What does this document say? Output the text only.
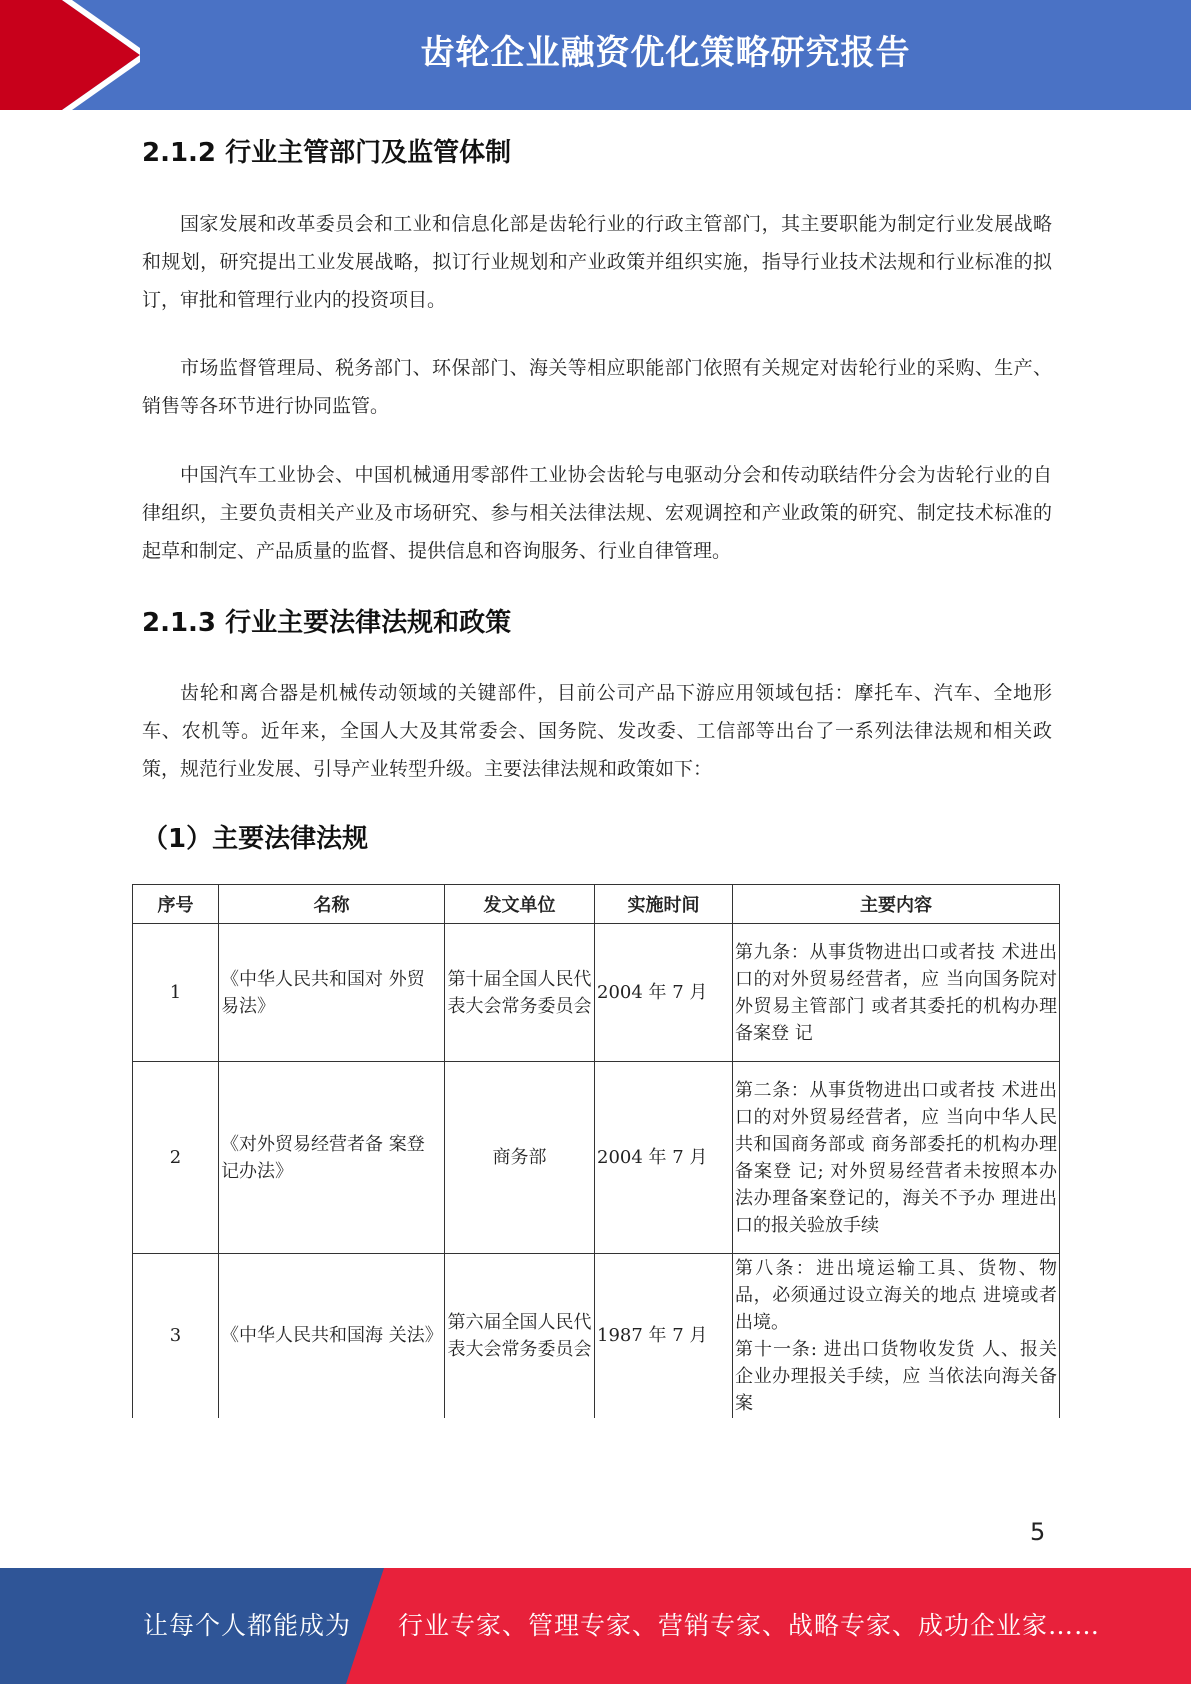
齿轮企业融资优化策略研究报告
2.1.2 行业主管部门及监管体制
国家发展和改革委员会和工业和信息化部是齿轮行业的行政主管部门，其主要职能为制定行业发展战略和规划，研究提出工业发展战略，拟订行业规划和产业政策并组织实施，指导行业技术法规和行业标准的拟订，审批和管理行业内的投资项目。
市场监督管理局、税务部门、环保部门、海关等相应职能部门依照有关规定对齿轮行业的采购、生产、销售等各环节进行协同监管。
中国汽车工业协会、中国机械通用零部件工业协会齿轮与电驱动分会和传动联结件分会为齿轮行业的自律组织，主要负责相关产业及市场研究、参与相关法律法规、宏观调控和产业政策的研究、制定技术标准的起草和制定、产品质量的监督、提供信息和咨询服务、行业自律管理。
2.1.3 行业主要法律法规和政策
齿轮和离合器是机械传动领域的关键部件，目前公司产品下游应用领域包括：摩托车、汽车、全地形车、农机等。近年来，全国人大及其常委会、国务院、发改委、工信部等出台了一系列法律法规和相关政策，规范行业发展、引导产业转型升级。主要法律法规和政策如下：
（1）主要法律法规
序号	名称	发文单位	实施时间	主要内容
1	《中华人民共和国对 外贸易法》	第十届全国人民代表大会常务委员会	2004 年 7 月	第九条：从事货物进出口或者技 术进出口的对外贸易经营者，应 当向国务院对外贸易主管部门 或者其委托的机构办理备案登 记
2	《对外贸易经营者备 案登记办法》	商务部	2004 年 7 月	第二条：从事货物进出口或者技 术进出口的对外贸易经营者，应 当向中华人民共和国商务部或 商务部委托的机构办理备案登 记; 对外贸易经营者未按照本办 法办理备案登记的，海关不予办 理进出口的报关验放手续
3	《中华人民共和国海 关法》	第六届全国人民代表大会常务委员会	1987 年 7 月	第八条：进出境运输工具、货物、物品，必须通过设立海关的地点 进境或者出境。
第十一条: 进出口货物收发货 人、报关企业办理报关手续，应 当依法向海关备案
5
让每个人都能成为 行业专家、管理专家、营销专家、战略专家、成功企业家……
